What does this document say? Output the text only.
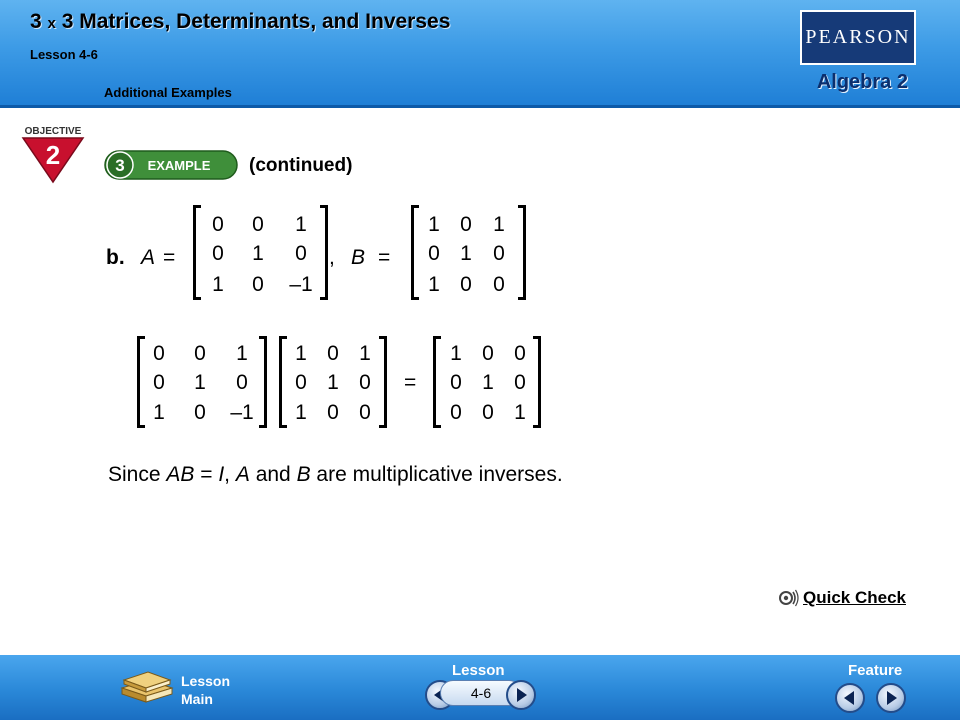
3 x 3 Matrices, Determinants, and Inverses
Lesson 4-6
Additional Examples
PEARSON
Algebra 2
OBJECTIVE
2	3 EXAMPLE (continued)
b. A =	, B =
0	0	1
0	1	0
1	0	–1
1 0	1
0 1	0
1 0	0
0	0	1
0	1	0
1	0	–1
1 0 1
0 1 0
1 0 0
=
1 0 0
0 1 0
0 0 1
Since AB = I, A and B are multiplicative inverses.
Quick Check
Lesson
Main
Lesson
4-6
Feature
